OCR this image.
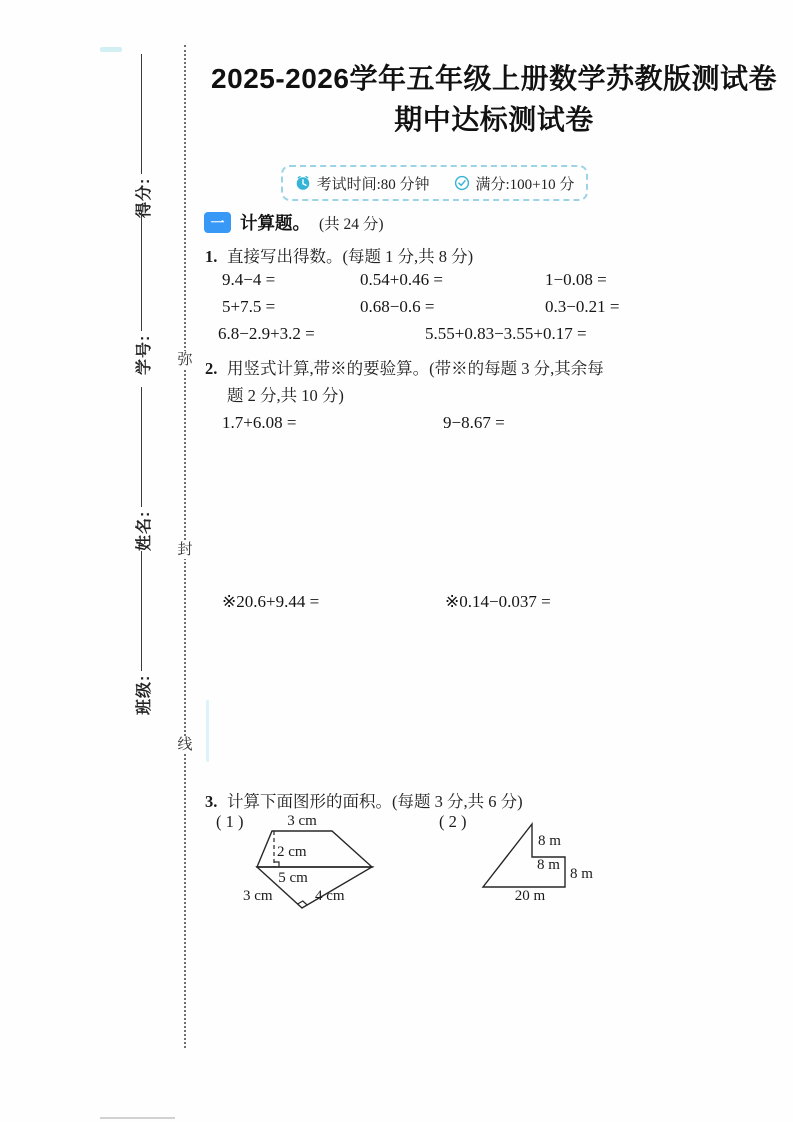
得分:
学号:
姓名:
班级:
弥
封
线
2025-2026学年五年级上册数学苏教版测试卷
期中达标测试卷
考试时间:80 分钟	满分:100+10 分
一 计算题。 (共 24 分)
1. 直接写出得数。(每题 1 分,共 8 分)
9.4−4 =	0.54+0.46 =	1−0.08 =
5+7.5 =	0.68−0.6 =	0.3−0.21 =
6.8−2.9+3.2 =	5.55+0.83−3.55+0.17 =
2. 用竖式计算,带※的要验算。(带※的每题 3 分,其余每
题 2 分,共 10 分)
1.7+6.08 =	9−8.67 =
※20.6+9.44 =	※0.14−0.037 =
3. 计算下面图形的面积。(每题 3 分,共 6 分)
( 1 )	( 2 )
3 cm
2 cm
5 cm
3 cm	4 cm
8 m
8 m
8 m
20 m
